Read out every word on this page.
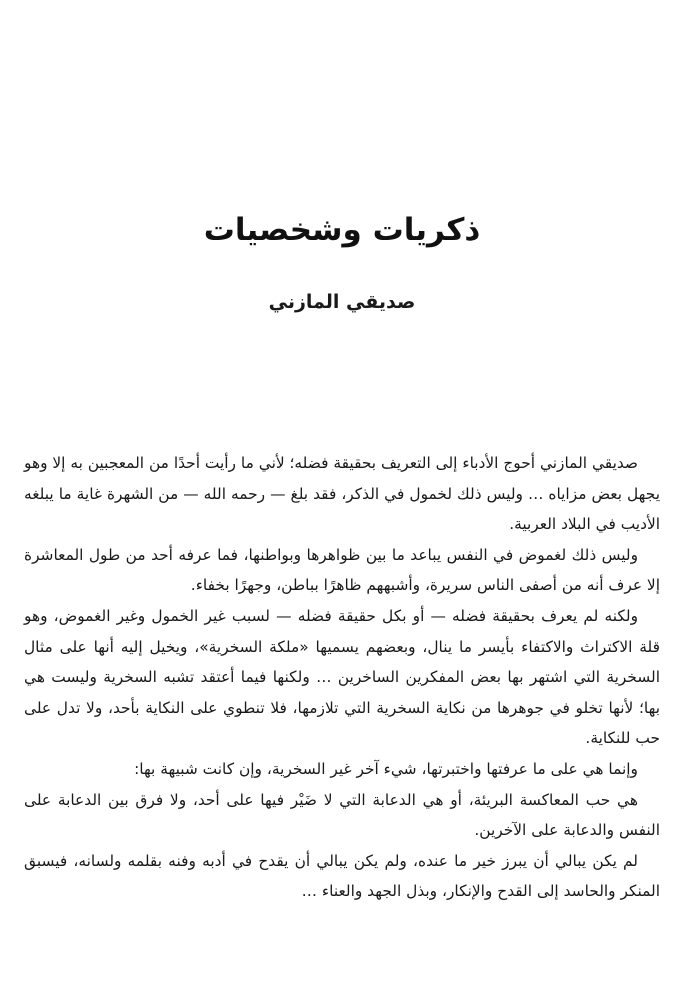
ذكريات وشخصيات
صديقي المازني

صديقي المازني أحوج الأدباء إلى التعريف بحقيقة فضله؛ لأني ما رأيت أحدًا من المعجبين به إلا وهو يجهل بعض مزاياه … وليس ذلك لخمول في الذكر، فقد بلغ — رحمه الله — من الشهرة غاية ما يبلغه الأديب في البلاد العربية.

وليس ذلك لغموض في النفس يباعد ما بين ظواهرها وبواطنها، فما عرفه أحد من طول المعاشرة إلا عرف أنه من أصفى الناس سريرة، وأشبههم ظاهرًا بباطن، وجهرًا بخفاء.

ولكنه لم يعرف بحقيقة فضله — أو بكل حقيقة فضله — لسبب غير الخمول وغير الغموض، وهو قلة الاكتراث والاكتفاء بأيسر ما ينال، وبعضهم يسميها «ملكة السخرية»، ويخيل إليه أنها على مثال السخرية التي اشتهر بها بعض المفكرين الساخرين … ولكنها فيما أعتقد تشبه السخرية وليست هي بها؛ لأنها تخلو في جوهرها من نكاية السخرية التي تلازمها، فلا تنطوي على النكاية بأحد، ولا تدل على حب للنكاية.

وإنما هي على ما عرفتها واختبرتها، شيء آخر غير السخرية، وإن كانت شبيهة بها:

هي حب المعاكسة البريئة، أو هي الدعابة التي لا ضَيْر فيها على أحد، ولا فرق بين الدعابة على النفس والدعابة على الآخرين.

لم يكن يبالي أن يبرز خير ما عنده، ولم يكن يبالي أن يقدح في أدبه وفنه بقلمه ولسانه، فيسبق المنكر والحاسد إلى القدح والإنكار، وبذل الجهد والعناء …
